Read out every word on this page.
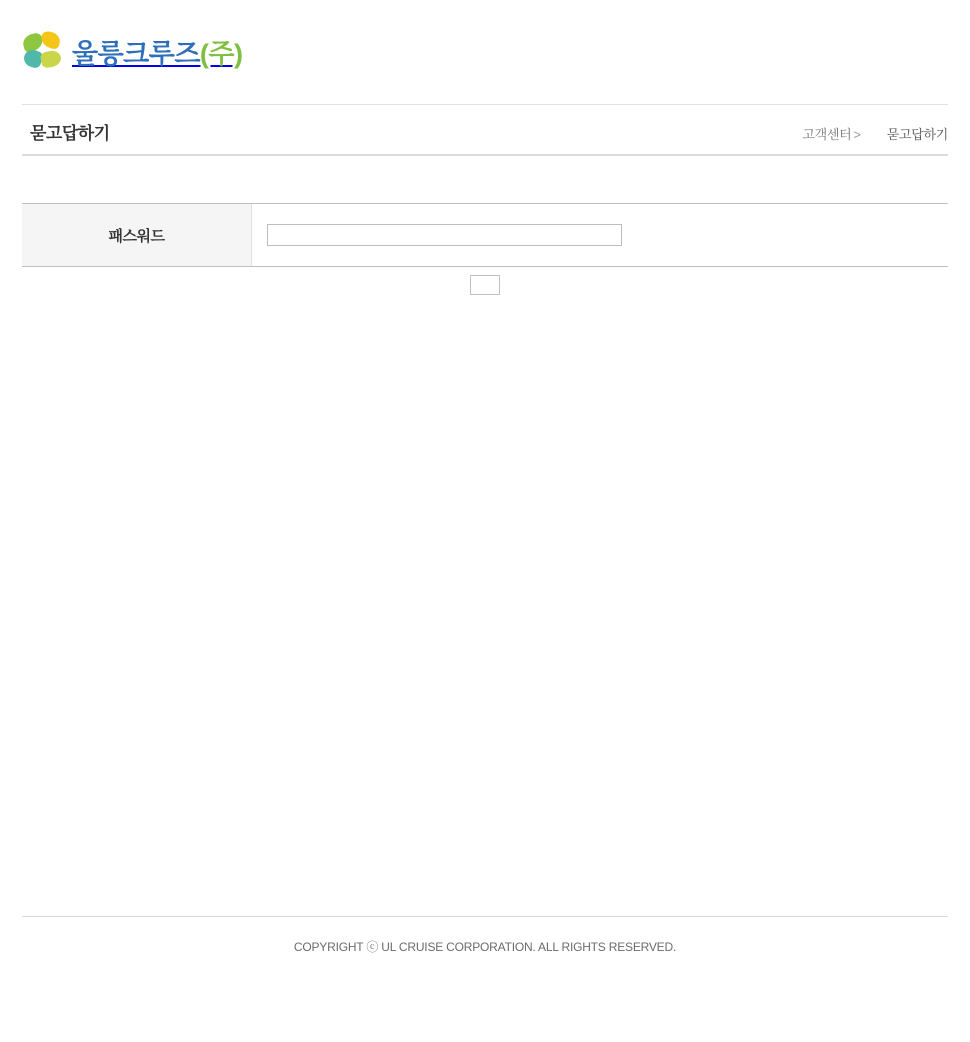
울릉크루즈(주)
묻고답하기	고객센터 > 묻고답하기
패스워드
COPYRIGHT ⓒ UL CRUISE CORPORATION. ALL RIGHTS RESERVED.
